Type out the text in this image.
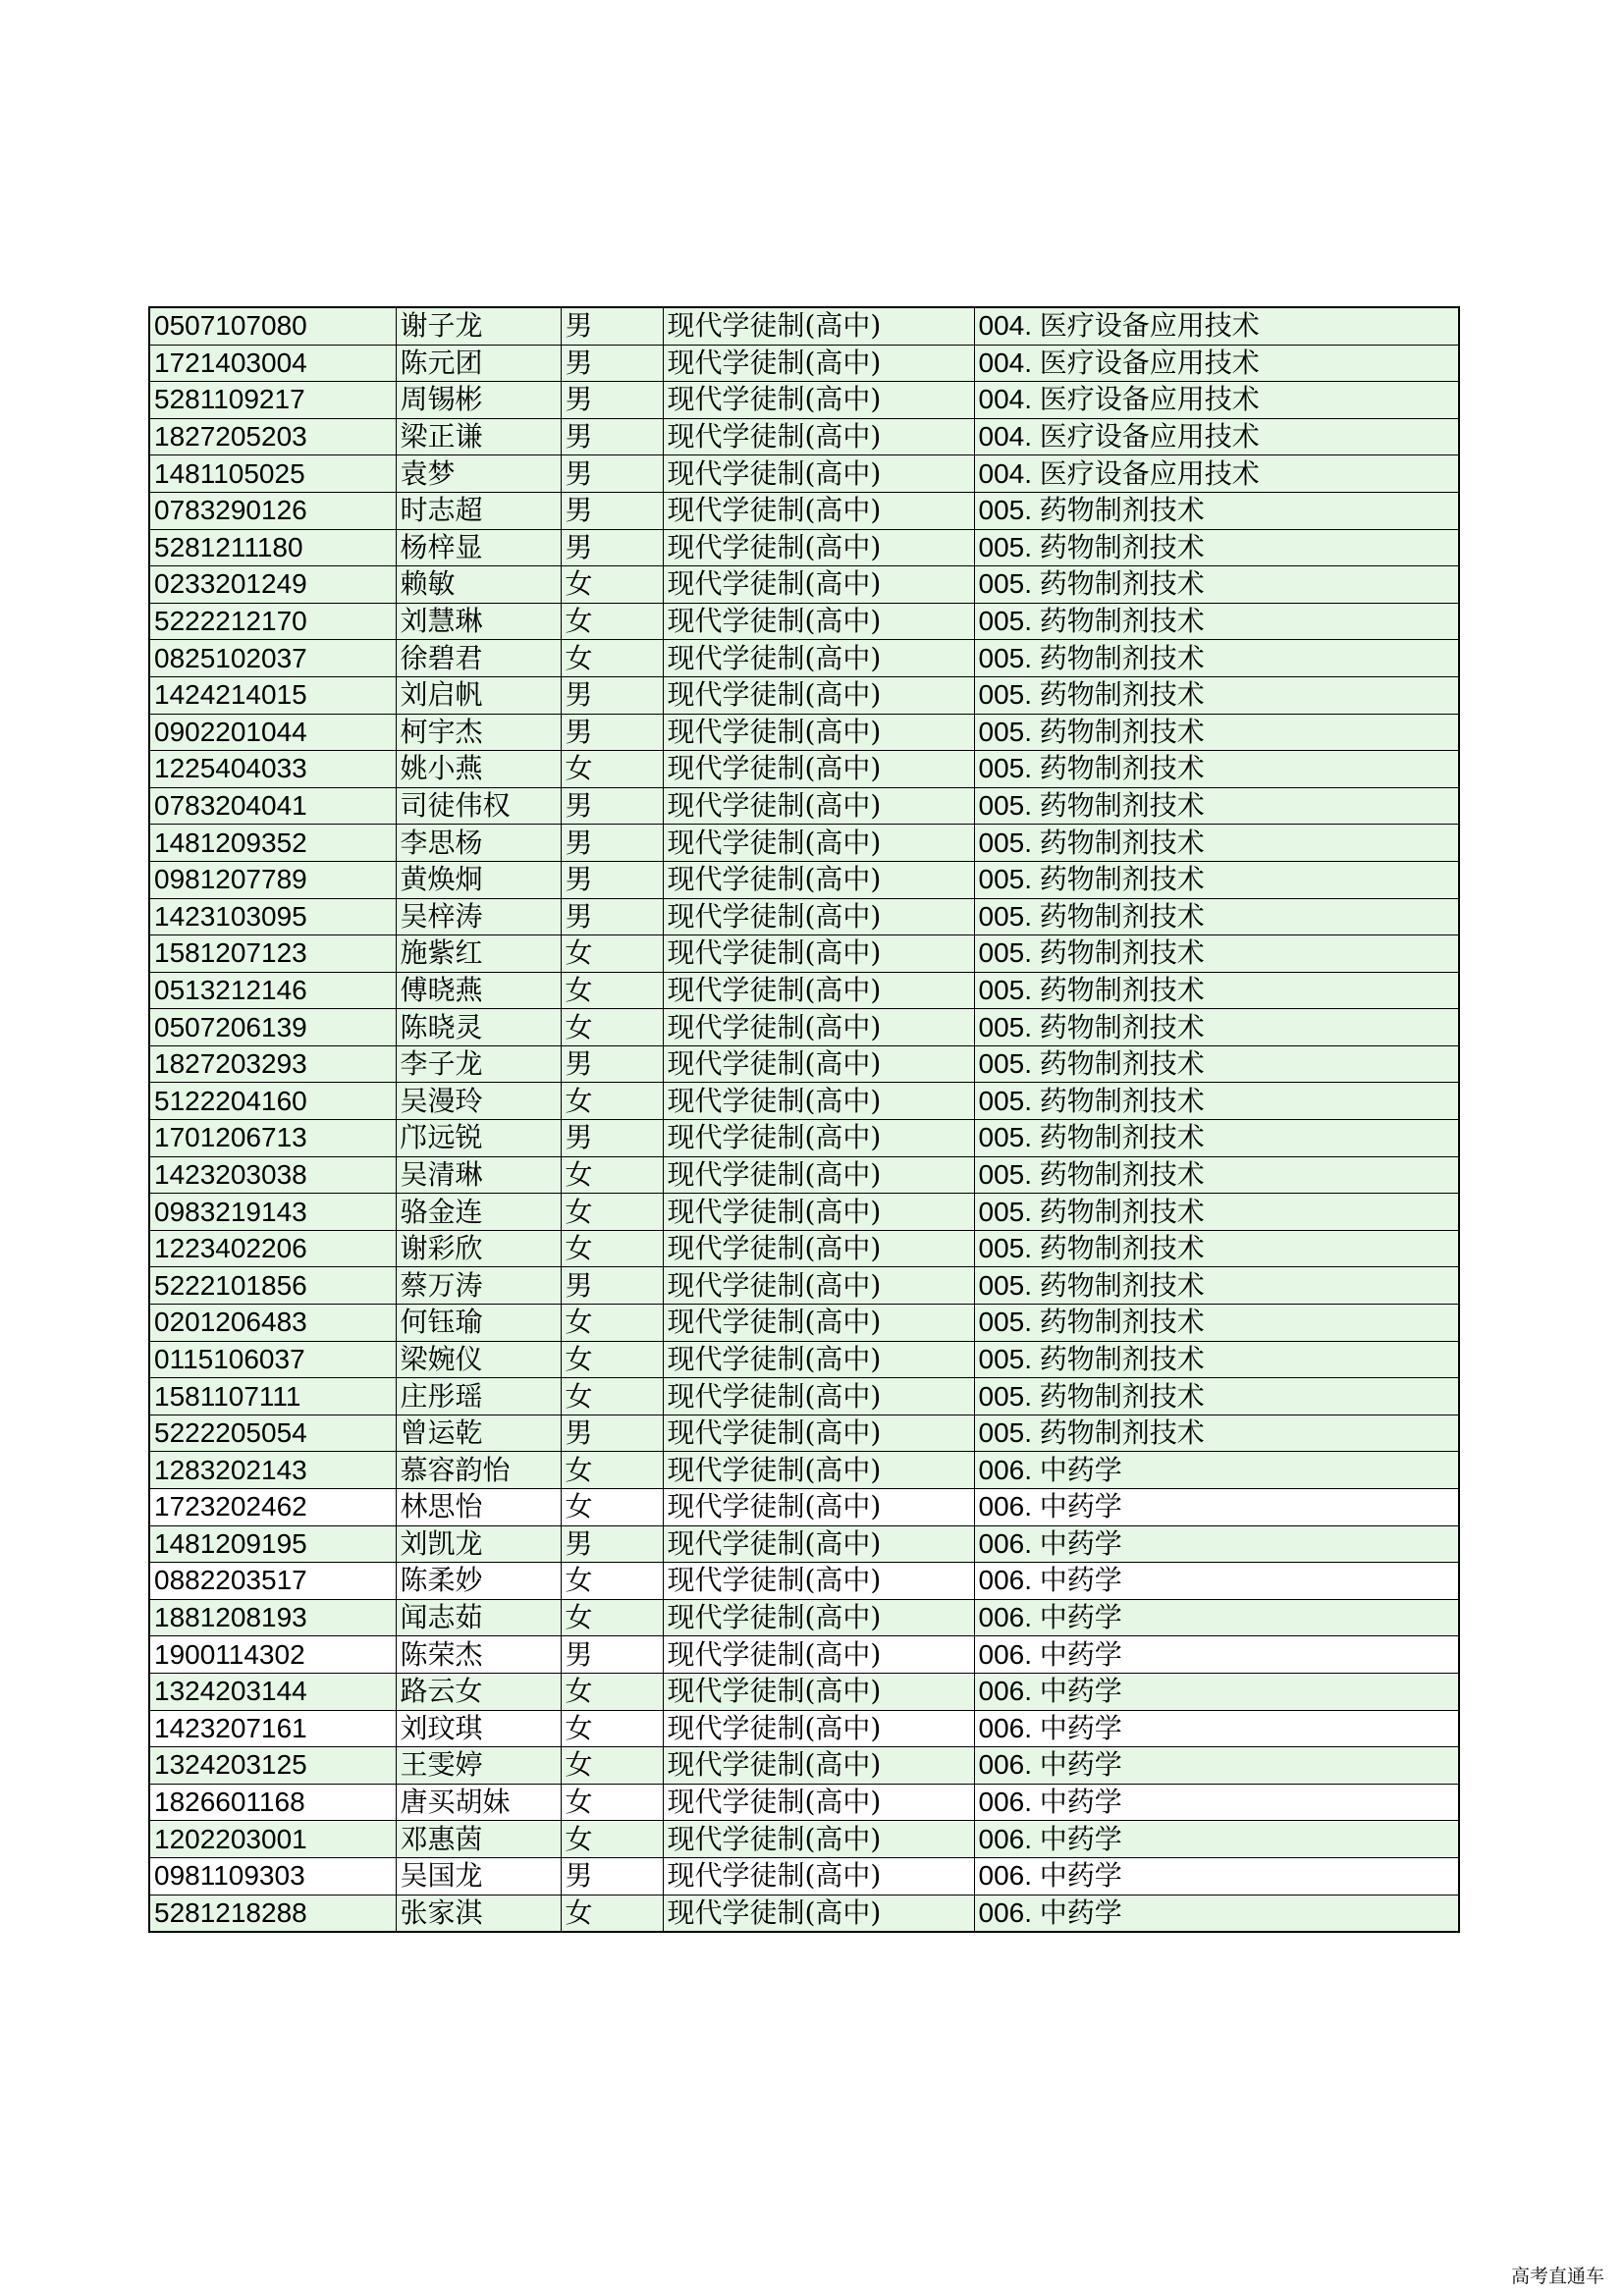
0507107080	谢子龙	男	现代学徒制(高中)	004. 医疗设备应用技术
1721403004	陈元团	男	现代学徒制(高中)	004. 医疗设备应用技术
5281109217	周锡彬	男	现代学徒制(高中)	004. 医疗设备应用技术
1827205203	梁正谦	男	现代学徒制(高中)	004. 医疗设备应用技术
1481105025	袁梦	男	现代学徒制(高中)	004. 医疗设备应用技术
0783290126	时志超	男	现代学徒制(高中)	005. 药物制剂技术
5281211180	杨梓显	男	现代学徒制(高中)	005. 药物制剂技术
0233201249	赖敏	女	现代学徒制(高中)	005. 药物制剂技术
5222212170	刘慧琳	女	现代学徒制(高中)	005. 药物制剂技术
0825102037	徐碧君	女	现代学徒制(高中)	005. 药物制剂技术
1424214015	刘启帆	男	现代学徒制(高中)	005. 药物制剂技术
0902201044	柯宇杰	男	现代学徒制(高中)	005. 药物制剂技术
1225404033	姚小燕	女	现代学徒制(高中)	005. 药物制剂技术
0783204041	司徒伟权	男	现代学徒制(高中)	005. 药物制剂技术
1481209352	李思杨	男	现代学徒制(高中)	005. 药物制剂技术
0981207789	黄焕炯	男	现代学徒制(高中)	005. 药物制剂技术
1423103095	吴梓涛	男	现代学徒制(高中)	005. 药物制剂技术
1581207123	施紫红	女	现代学徒制(高中)	005. 药物制剂技术
0513212146	傅晓燕	女	现代学徒制(高中)	005. 药物制剂技术
0507206139	陈晓灵	女	现代学徒制(高中)	005. 药物制剂技术
1827203293	李子龙	男	现代学徒制(高中)	005. 药物制剂技术
5122204160	吴漫玲	女	现代学徒制(高中)	005. 药物制剂技术
1701206713	邝远锐	男	现代学徒制(高中)	005. 药物制剂技术
1423203038	吴清琳	女	现代学徒制(高中)	005. 药物制剂技术
0983219143	骆金连	女	现代学徒制(高中)	005. 药物制剂技术
1223402206	谢彩欣	女	现代学徒制(高中)	005. 药物制剂技术
5222101856	蔡万涛	男	现代学徒制(高中)	005. 药物制剂技术
0201206483	何钰瑜	女	现代学徒制(高中)	005. 药物制剂技术
0115106037	梁婉仪	女	现代学徒制(高中)	005. 药物制剂技术
1581107111	庄彤瑶	女	现代学徒制(高中)	005. 药物制剂技术
5222205054	曾运乾	男	现代学徒制(高中)	005. 药物制剂技术
1283202143	慕容韵怡	女	现代学徒制(高中)	006. 中药学
1723202462	林思怡	女	现代学徒制(高中)	006. 中药学
1481209195	刘凯龙	男	现代学徒制(高中)	006. 中药学
0882203517	陈柔妙	女	现代学徒制(高中)	006. 中药学
1881208193	闻志茹	女	现代学徒制(高中)	006. 中药学
1900114302	陈荣杰	男	现代学徒制(高中)	006. 中药学
1324203144	路云女	女	现代学徒制(高中)	006. 中药学
1423207161	刘玟琪	女	现代学徒制(高中)	006. 中药学
1324203125	王雯婷	女	现代学徒制(高中)	006. 中药学
1826601168	唐买胡妹	女	现代学徒制(高中)	006. 中药学
1202203001	邓惠茵	女	现代学徒制(高中)	006. 中药学
0981109303	吴国龙	男	现代学徒制(高中)	006. 中药学
5281218288	张家淇	女	现代学徒制(高中)	006. 中药学
高考直通车
